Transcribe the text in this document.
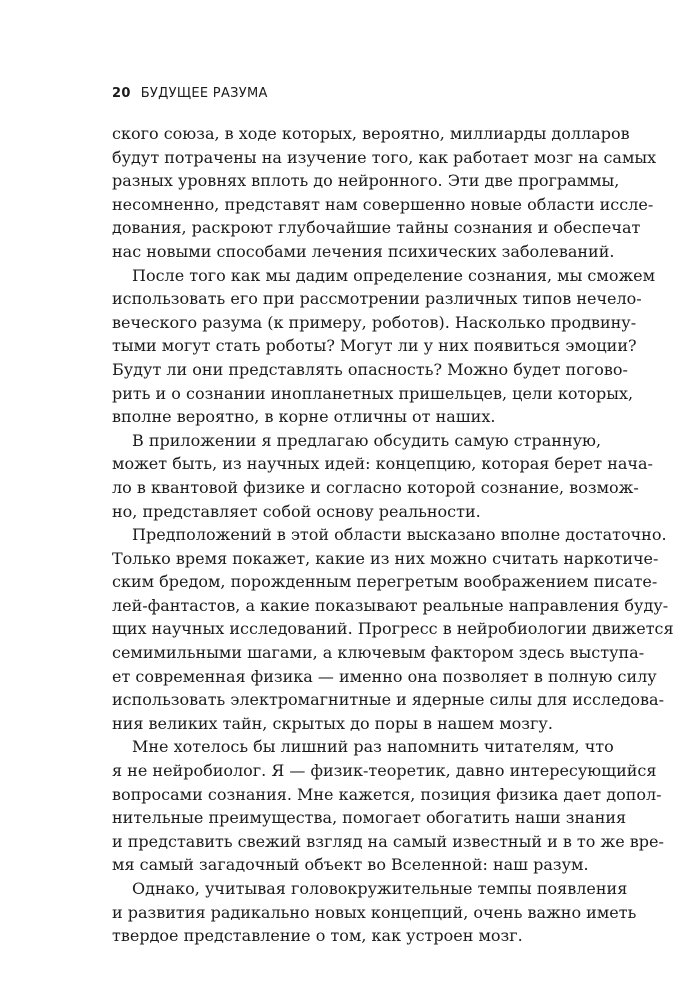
20 БУДУЩЕЕ РАЗУМА
ского союза, в ходе которых, вероятно, миллиарды долларов
будут потрачены на изучение того, как работает мозг на самых
разных уровнях вплоть до нейронного. Эти две программы,
несомненно, представят нам совершенно новые области иссле-
дования, раскроют глубочайшие тайны сознания и обеспечат
нас новыми способами лечения психических заболеваний.
После того как мы дадим определение сознания, мы сможем
использовать его при рассмотрении различных типов нечело-
веческого разума (к примеру, роботов). Насколько продвину-
тыми могут стать роботы? Могут ли у них появиться эмоции?
Будут ли они представлять опасность? Можно будет погово-
рить и о сознании инопланетных пришельцев, цели которых,
вполне вероятно, в корне отличны от наших.
В приложении я предлагаю обсудить самую странную,
может быть, из научных идей: концепцию, которая берет нача-
ло в квантовой физике и согласно которой сознание, возмож-
но, представляет собой основу реальности.
Предположений в этой области высказано вполне достаточно.
Только время покажет, какие из них можно считать наркотиче-
ским бредом, порожденным перегретым воображением писате-
лей-фантастов, а какие показывают реальные направления буду-
щих научных исследований. Прогресс в нейробиологии движется
семимильными шагами, а ключевым фактором здесь выступа-
ет современная физика — именно она позволяет в полную силу
использовать электромагнитные и ядерные силы для исследова-
ния великих тайн, скрытых до поры в нашем мозгу.
Мне хотелось бы лишний раз напомнить читателям, что
я не нейробиолог. Я — физик-теоретик, давно интересующийся
вопросами сознания. Мне кажется, позиция физика дает допол-
нительные преимущества, помогает обогатить наши знания
и представить свежий взгляд на самый известный и в то же вре-
мя самый загадочный объект во Вселенной: наш разум.
Однако, учитывая головокружительные темпы появления
и развития радикально новых концепций, очень важно иметь
твердое представление о том, как устроен мозг.
